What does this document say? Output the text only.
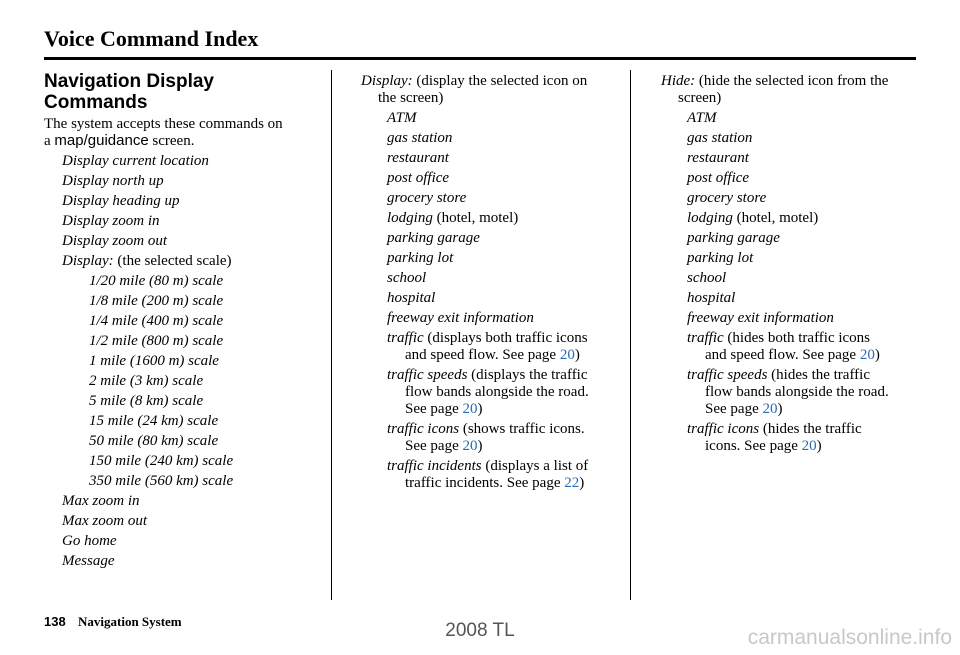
Voice Command Index
Navigation Display
Commands
The system accepts these commands on
a map/guidance screen.
Display current location
Display north up
Display heading up
Display zoom in
Display zoom out
Display: (the selected scale)
1/20 mile (80 m) scale
1/8 mile (200 m) scale
1/4 mile (400 m) scale
1/2 mile (800 m) scale
1 mile (1600 m) scale
2 mile (3 km) scale
5 mile (8 km) scale
15 mile (24 km) scale
50 mile (80 km) scale
150 mile (240 km) scale
350 mile (560 km) scale
Max zoom in
Max zoom out
Go home
Message
Display: (display the selected icon on
the screen)
ATM
gas station
restaurant
post office
grocery store
lodging (hotel, motel)
parking garage
parking lot
school
hospital
freeway exit information
traffic (displays both traffic icons
and speed flow. See page 20)
traffic speeds (displays the traffic
flow bands alongside the road.
See page 20)
traffic icons (shows traffic icons.
See page 20)
traffic incidents (displays a list of
traffic incidents. See page 22)
Hide: (hide the selected icon from the
screen)
ATM
gas station
restaurant
post office
grocery store
lodging (hotel, motel)
parking garage
parking lot
school
hospital
freeway exit information
traffic (hides both traffic icons
and speed flow. See page 20)
traffic speeds (hides the traffic
flow bands alongside the road.
See page 20)
traffic icons (hides the traffic
icons. See page 20)
138 Navigation System	2008 TL	carmanualsonline.info
